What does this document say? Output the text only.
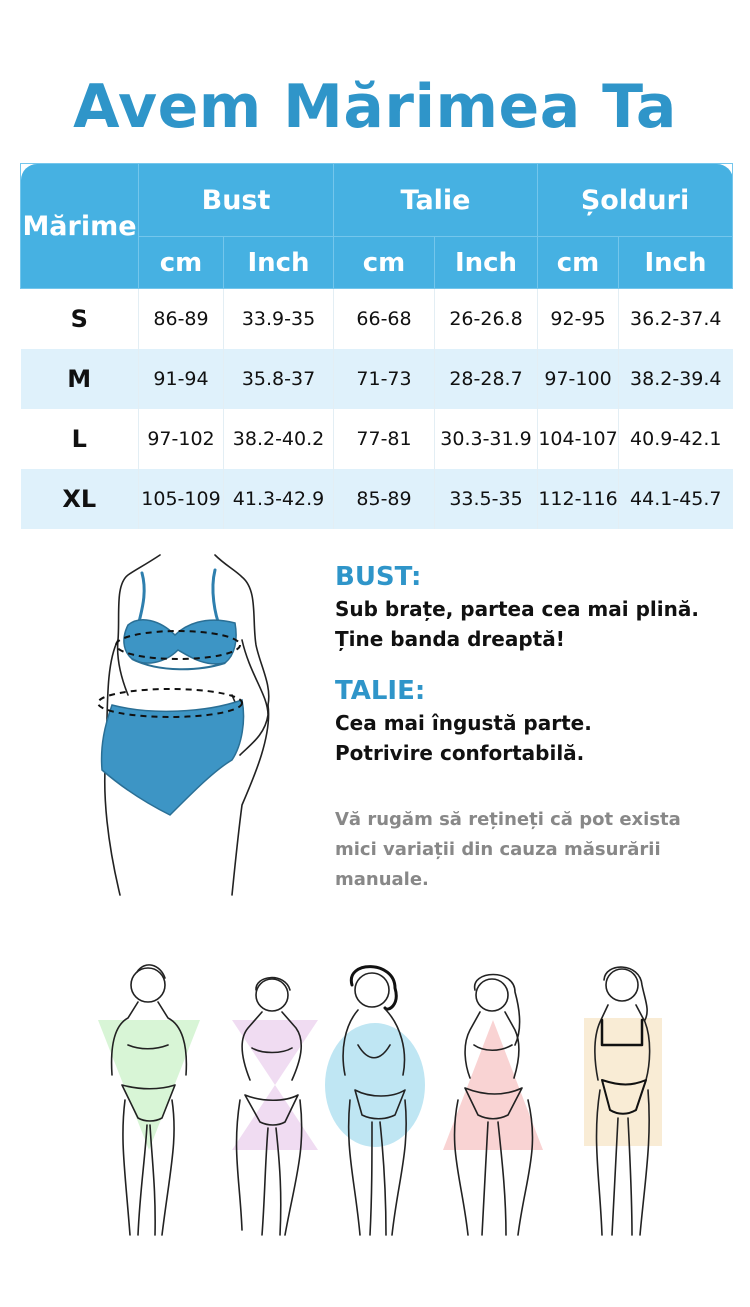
Avem Mărimea Ta
Mărime	Bust		Talie		Șolduri	
	cm	Inch	cm	Inch	cm	Inch
S	86-89	33.9-35	66-68	26-26.8	92-95	36.2-37.4
M	91-94	35.8-37	71-73	28-28.7	97-100	38.2-39.4
L	97-102	38.2-40.2	77-81	30.3-31.9	104-107	40.9-42.1
XL	105-109	41.3-42.9	85-89	33.5-35	112-116	44.1-45.7

BUST:

Sub brațe, partea cea mai plină.

Ține banda dreaptă!

TALIE:

Cea mai îngustă parte.

Potrivire confortabilă.

Vă rugăm să rețineți că pot exista mici variații din cauza măsurării manuale.
